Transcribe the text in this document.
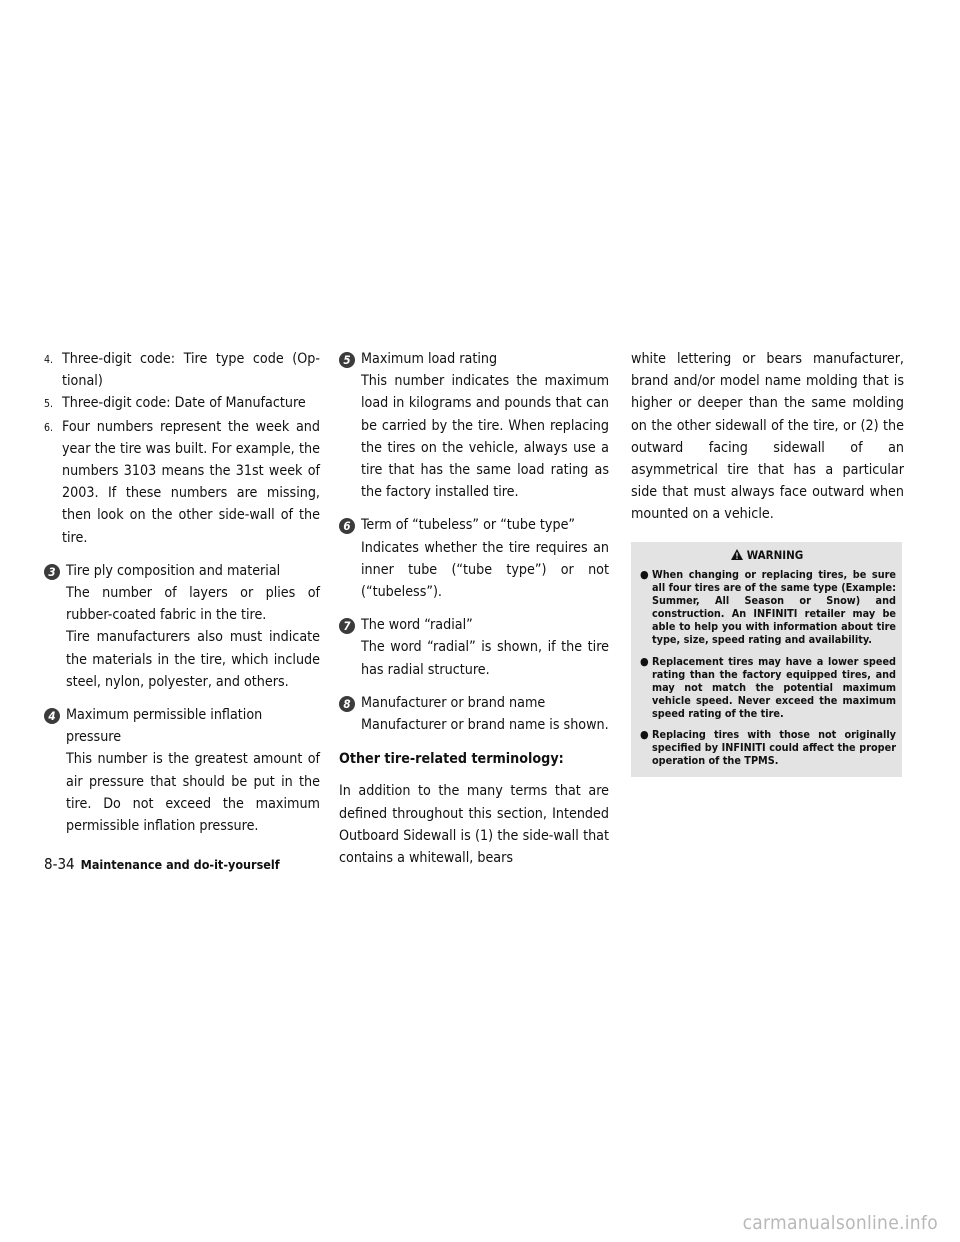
4. Three-digit code: Tire type code (Op-
tional)
5. Three-digit code: Date of Manufacture
6. Four numbers represent the week and year the tire was built. For example, the numbers 3103 means the 31st week of 2003. If these numbers are missing, then look on the other side-wall of the tire.
3 Tire ply composition and material

The number of layers or plies of rubber-coated fabric in the tire.

Tire manufacturers also must indicate the materials in the tire, which include steel, nylon, polyester, and others.

4 Maximum permissible inflation pressure

This number is the greatest amount of air pressure that should be put in the tire. Do not exceed the maximum permissible inflation pressure.

5 Maximum load rating

This number indicates the maximum load in kilograms and pounds that can be carried by the tire. When replacing the tires on the vehicle, always use a tire that has the same load rating as the factory installed tire.

6 Term of “tubeless” or “tube type”

Indicates whether the tire requires an inner tube (“tube type”) or not (“tubeless”).

7 The word “radial”

The word “radial” is shown, if the tire has radial structure.

8 Manufacturer or brand name

Manufacturer or brand name is shown.

Other tire-related terminology:

In addition to the many terms that are defined throughout this section, Intended Outboard Sidewall is (1) the side-wall that contains a whitewall, bears

white lettering or bears manufacturer, brand and/or model name molding that is higher or deeper than the same molding on the other sidewall of the tire, or (2) the outward facing sidewall of an asymmetrical tire that has a particular side that must always face outward when mounted on a vehicle.

WARNING
● When changing or replacing tires, be sure all four tires are of the same type (Example: Summer, All Season or Snow) and construction. An INFINITI retailer may be able to help you with information about tire type, size, speed rating and availability.
● Replacement tires may have a lower speed rating than the factory equipped tires, and may not match the potential maximum vehicle speed. Never exceed the maximum speed rating of the tire.
● Replacing tires with those not originally specified by INFINITI could affect the proper operation of the TPMS.
8-34 Maintenance and do-it-yourself
carmanualsonline.info
